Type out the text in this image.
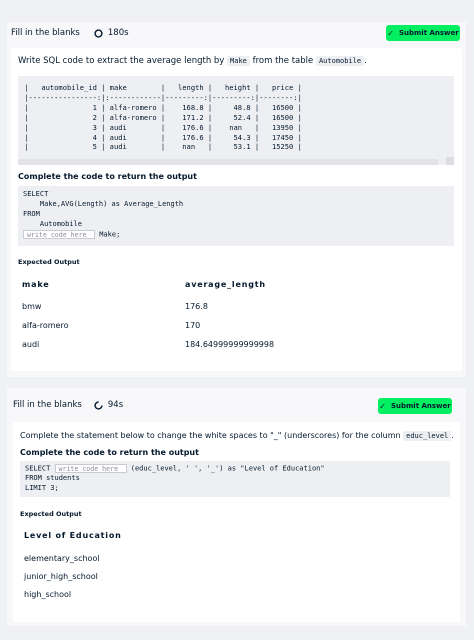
Fill in the blanks	180s	✓ Submit Answer
Write SQL code to extract the average length by Make from the table Automobile .
|   automobile_id | make        |   length |   height |   price |
|----------------:|:------------|---------:|---------:|--------:|
|               1 | alfa-romero |    168.8 |     48.8 |   16500 |
|               2 | alfa-romero |    171.2 |     52.4 |   16500 |
|               3 | audi        |    176.6 |    nan   |   13950 |
|               4 | audi        |    176.6 |     54.3 |   17450 |
|               5 | audi        |    nan   |     53.1 |   15250 |
Complete the code to return the output
SELECT
Make,AVG(Length) as Average_Length
FROM
Automobile
write code here Make;
Expected Output
make	average_length
bmw	176.8
alfa-romero	170
audi	184.64999999999998
Fill in the blanks	94s	✓ Submit Answer
Complete the statement below to change the white spaces to "_" (underscores) for the column educ_level .
Complete the code to return the output
SELECT write code here (educ_level, ' ', '_') as "Level of Education"
FROM students
LIMIT 3;
Expected Output
Level of Education
elementary_school
junior_high_school
high_school
